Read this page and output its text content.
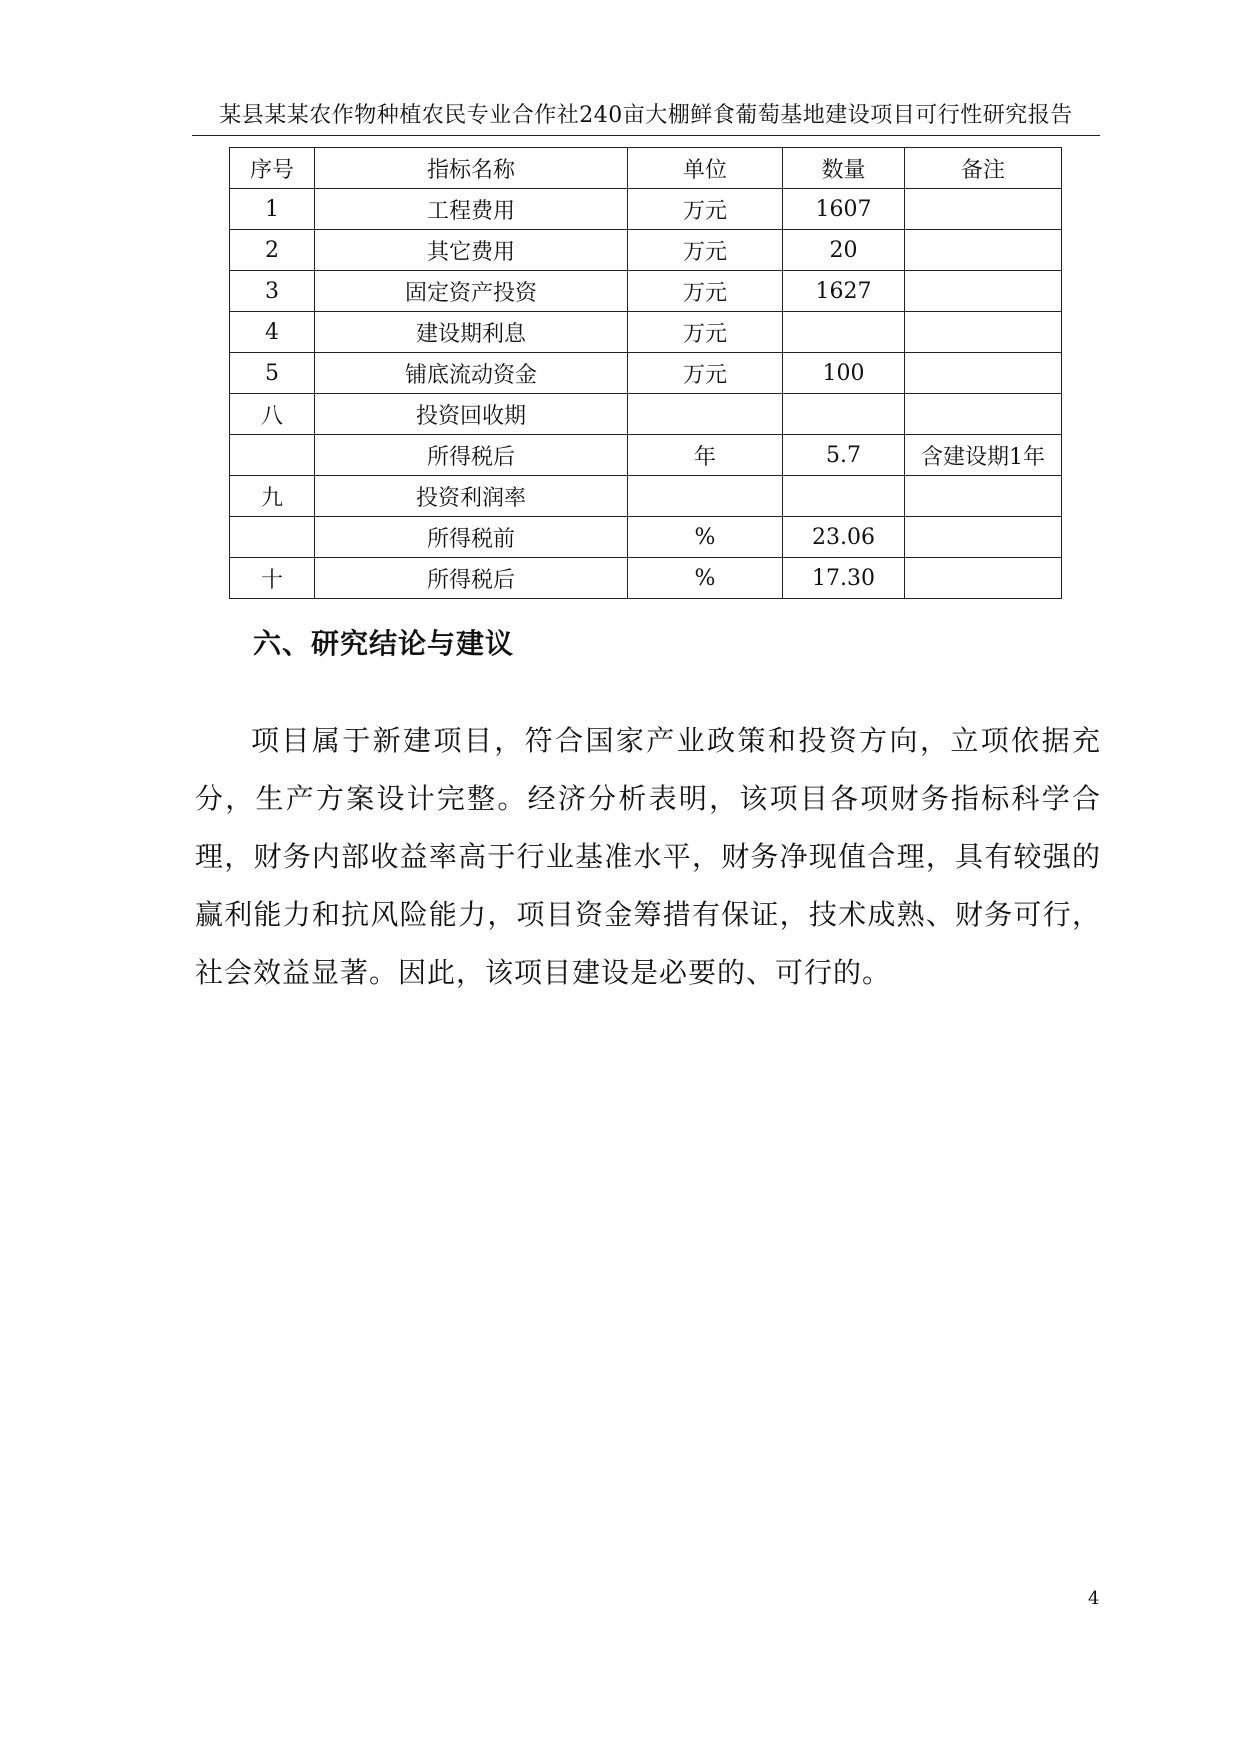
某县某某农作物种植农民专业合作社240亩大棚鲜食葡萄基地建设项目可行性研究报告
序号	指标名称	单位	数量	备注
1	工程费用	万元	1607	
2	其它费用	万元	20	
3	固定资产投资	万元	1627	
4	建设期利息	万元		
5	铺底流动资金	万元	100	
八	投资回收期			
	所得税后	年	5.7	含建设期1年
九	投资利润率			
	所得税前	%	23.06	
十	所得税后	%	17.30	
六、研究结论与建议

项目属于新建项目，符合国家产业政策和投资方向，立项依据充分，生产方案设计完整。经济分析表明，该项目各项财务指标科学合理，财务内部收益率高于行业基准水平，财务净现值合理，具有较强的赢利能力和抗风险能力，项目资金筹措有保证，技术成熟、财务可行，社会效益显著。因此，该项目建设是必要的、可行的。

4
